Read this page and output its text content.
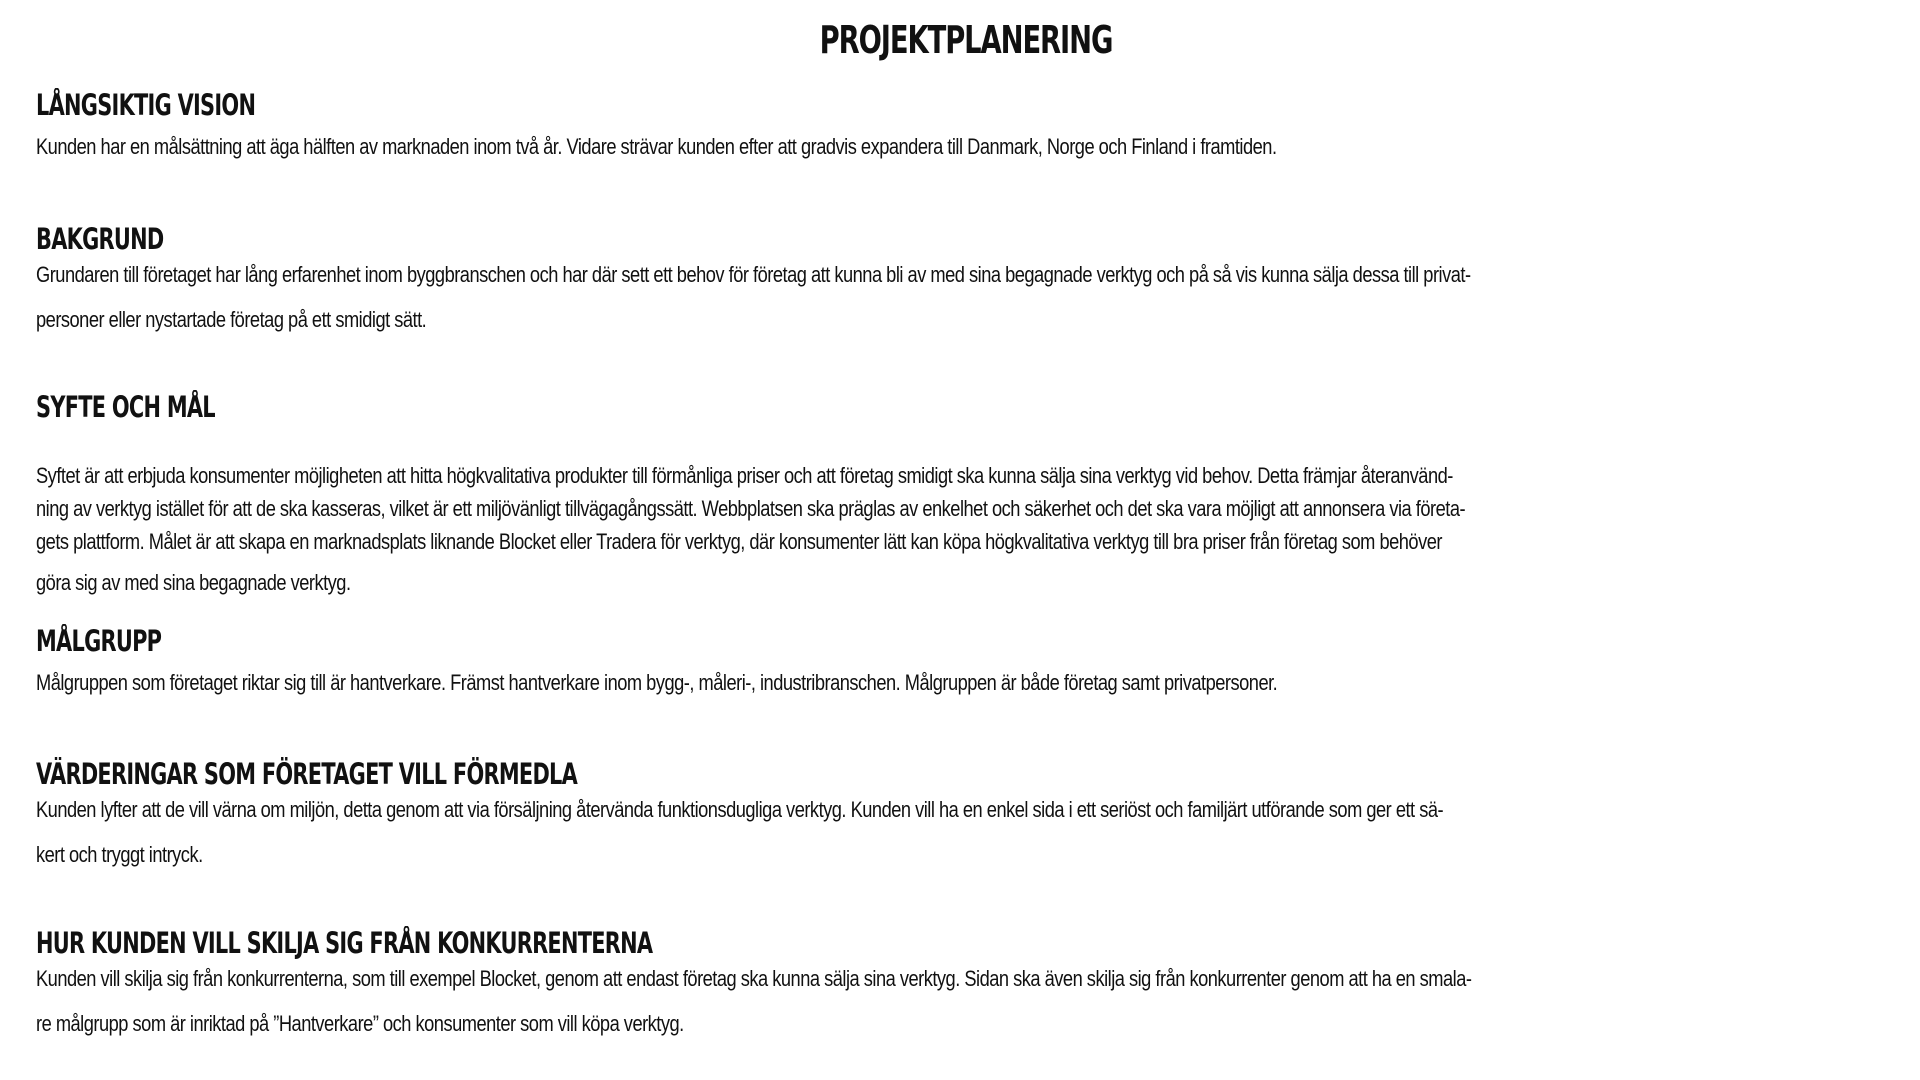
PROJEKTPLANERING
LÅNGSIKTIG VISION
Kunden har en målsättning att äga hälften av marknaden inom två år. Vidare strävar kunden efter att gradvis expandera till Danmark, Norge och Finland i framtiden.
BAKGRUND
Grundaren till företaget har lång erfarenhet inom byggbranschen och har där sett ett behov för företag att kunna bli av med sina begagnade verktyg och på så vis kunna sälja dessa till privat-
personer eller nystartade företag på ett smidigt sätt.
SYFTE OCH MÅL

Syftet är att erbjuda konsumenter möjligheten att hitta högkvalitativa produkter till förmånliga priser och att företag smidigt ska kunna sälja sina verktyg vid behov. Detta främjar återanvänd-
ning av verktyg istället för att de ska kasseras, vilket är ett miljövänligt tillvägagångssätt. Webbplatsen ska präglas av enkelhet och säkerhet och det ska vara möjligt att annonsera via företa-
gets plattform. Målet är att skapa en marknadsplats liknande Blocket eller Tradera för verktyg, där konsumenter lätt kan köpa högkvalitativa verktyg till bra priser från företag som behöver

göra sig av med sina begagnade verktyg.

MÅLGRUPP
Målgruppen som företaget riktar sig till är hantverkare. Främst hantverkare inom bygg-, måleri-, industribranschen. Målgruppen är både företag samt privatpersoner.
VÄRDERINGAR SOM FÖRETAGET VILL FÖRMEDLA
Kunden lyfter att de vill värna om miljön, detta genom att via försäljning återvända funktionsdugliga verktyg. Kunden vill ha en enkel sida i ett seriöst och familjärt utförande som ger ett sä-
kert och tryggt intryck.
HUR KUNDEN VILL SKILJA SIG FRÅN KONKURRENTERNA
Kunden vill skilja sig från konkurrenterna, som till exempel Blocket, genom att endast företag ska kunna sälja sina verktyg. Sidan ska även skilja sig från konkurrenter genom att ha en smala-
re målgrupp som är inriktad på ”Hantverkare” och konsumenter som vill köpa verktyg.
